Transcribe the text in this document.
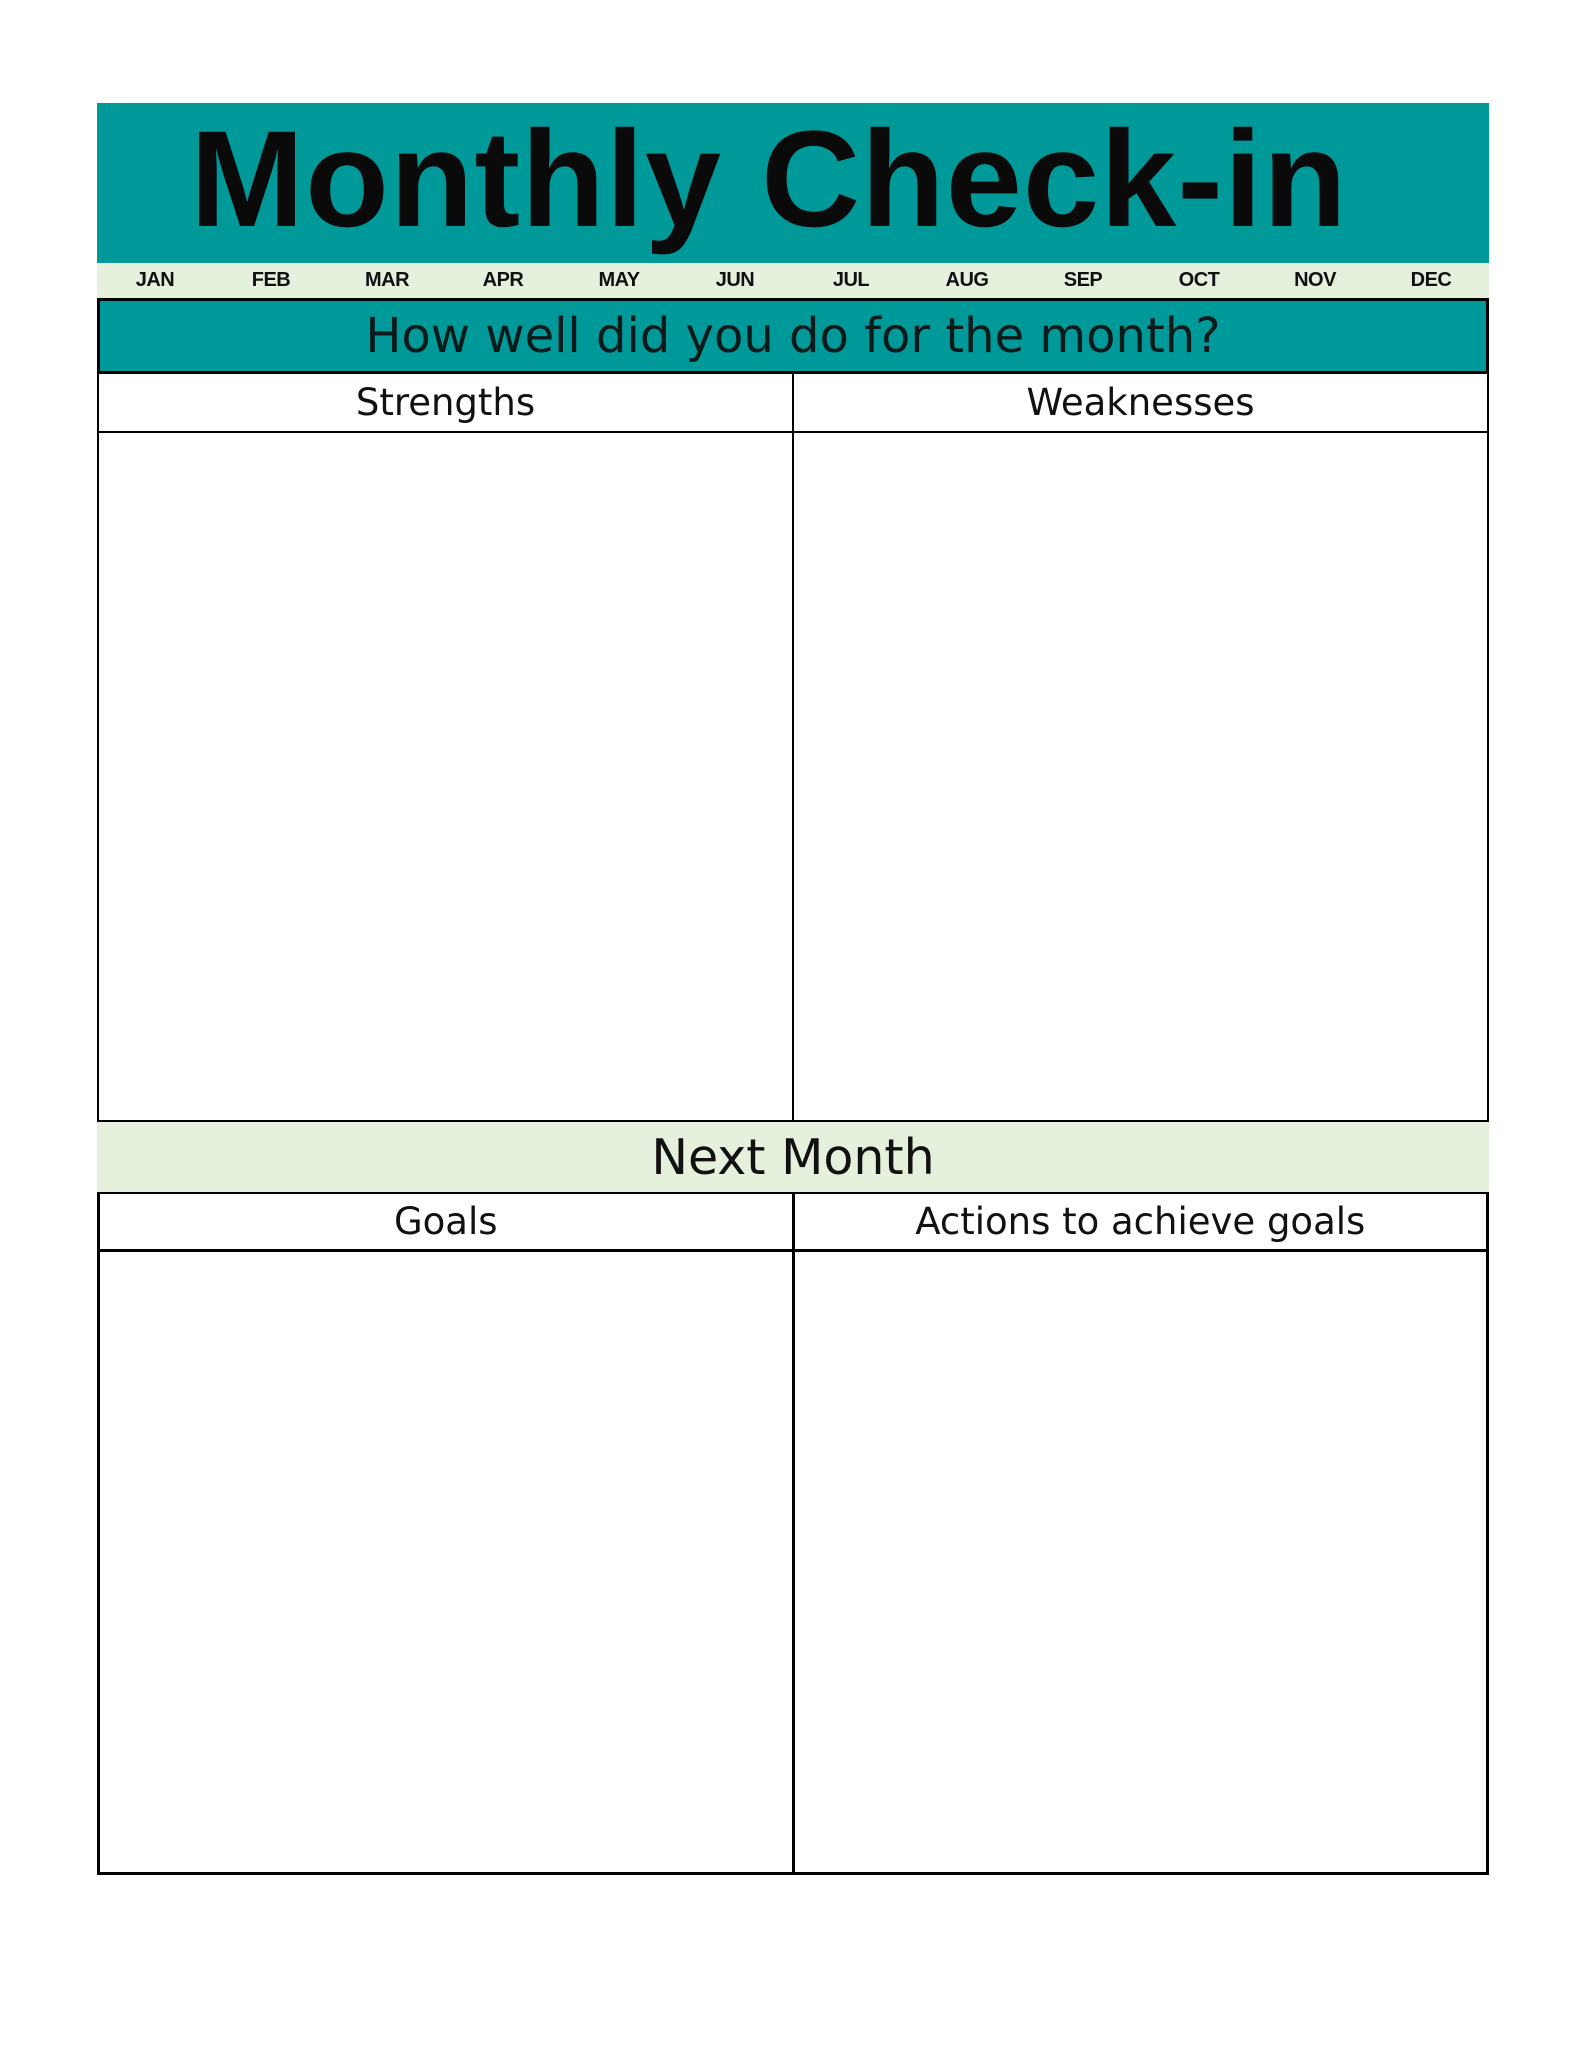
Monthly Check-in
JAN	FEB	MAR	APR	MAY	JUN	JUL	AUG	SEP	OCT	NOV	DEC
How well did you do for the month?
Strengths	Weaknesses
Next Month
Goals	Actions to achieve goals
